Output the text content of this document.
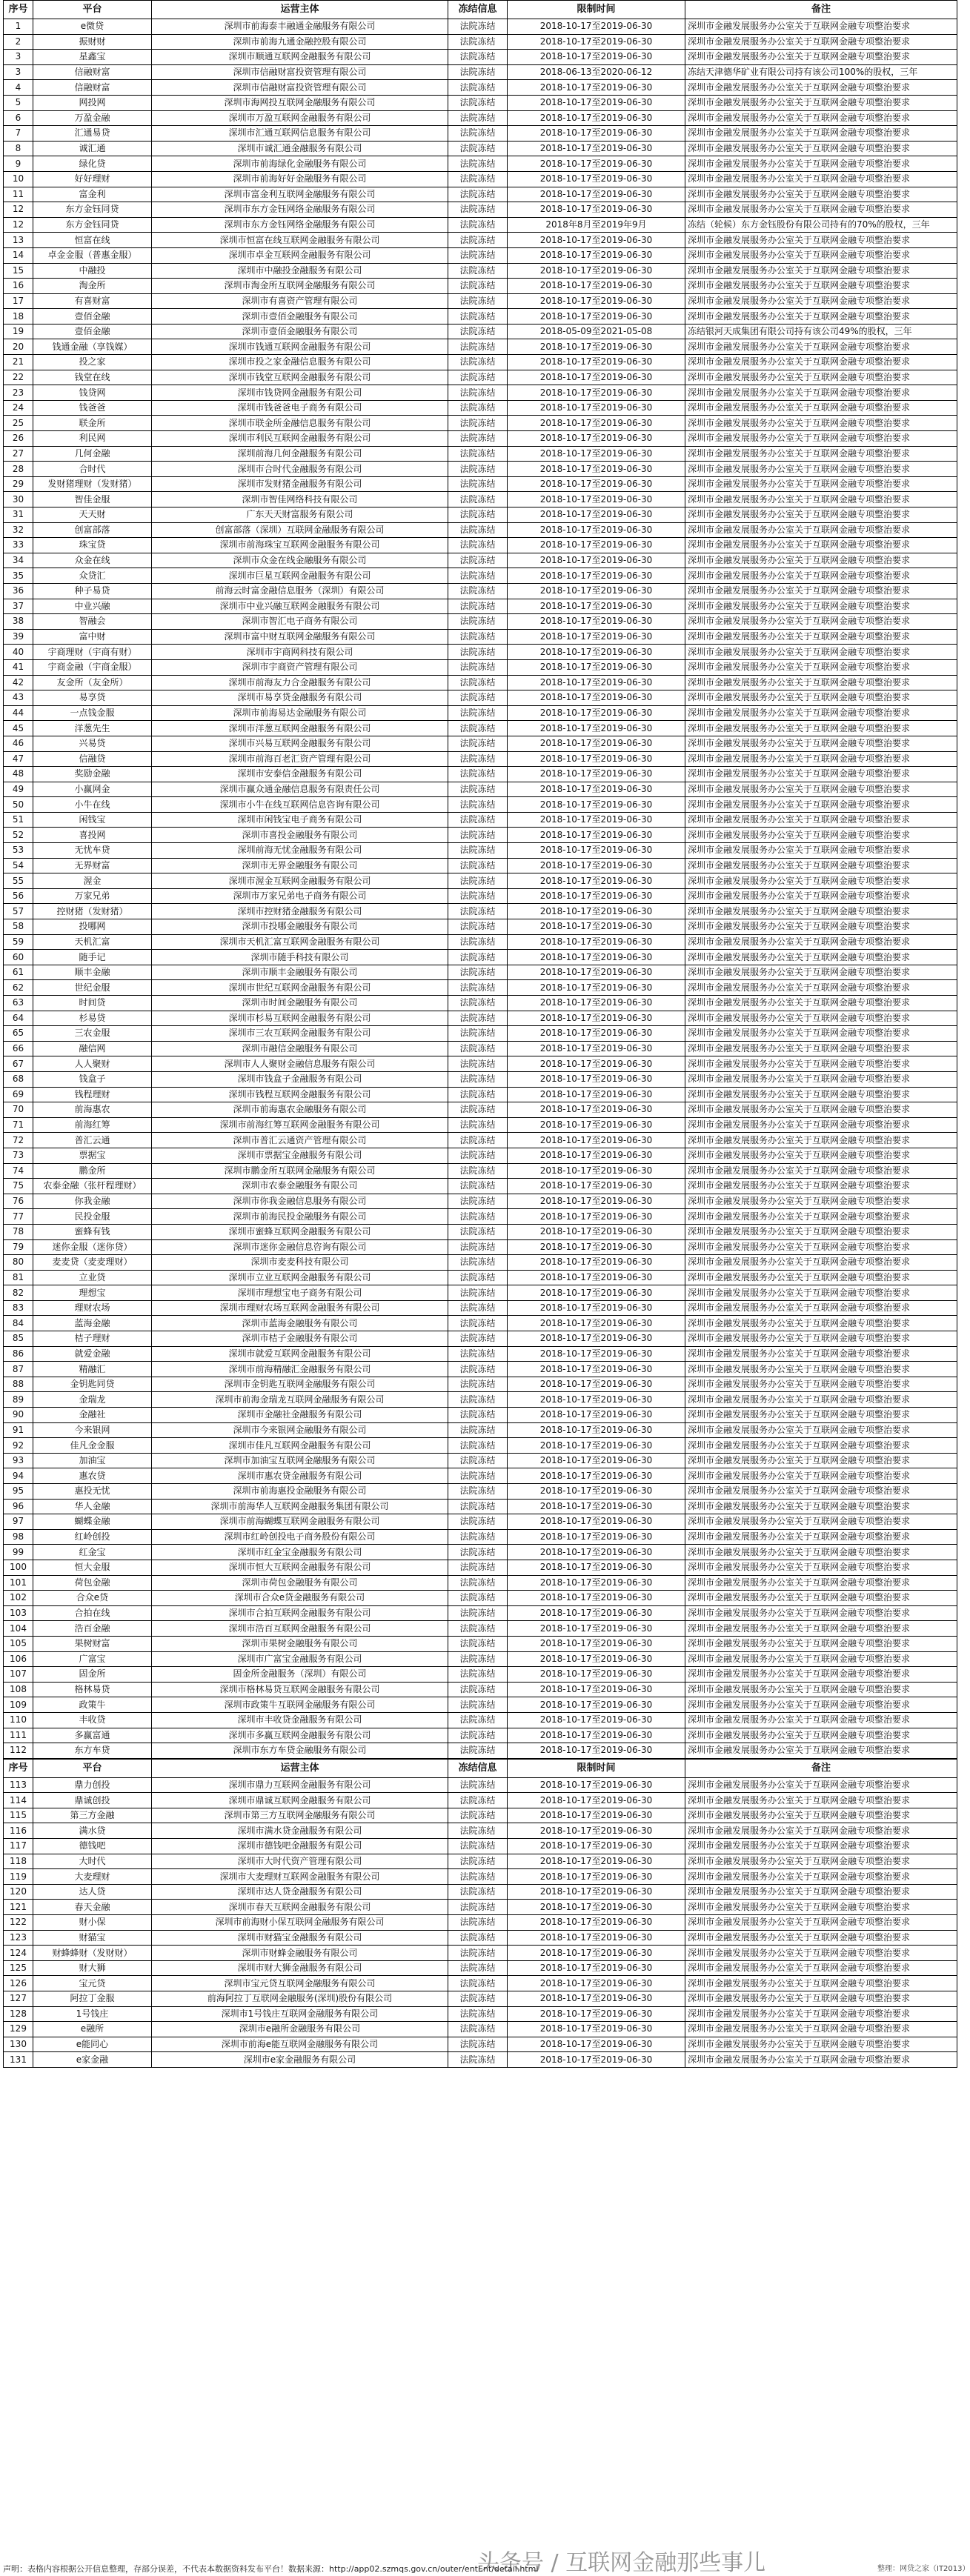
序号	平台	运营主体	冻结信息	限制时间	备注
1	e微贷	深圳市前海泰丰融通金融服务有限公司	法院冻结	2018-10-17至2019-06-30	深圳市金融发展服务办公室关于互联网金融专项整治要求
2	振财财	深圳市前海九通金融控股有限公司	法院冻结	2018-10-17至2019-06-30	深圳市金融发展服务办公室关于互联网金融专项整治要求
3	星鑫宝	深圳市顺通互联网金融服务有限公司	法院冻结	2018-10-17至2019-06-30	深圳市金融发展服务办公室关于互联网金融专项整治要求
3	信融财富	深圳市信融财富投资管理有限公司	法院冻结	2018-06-13至2020-06-12	冻结天津德华矿业有限公司持有该公司100%的股权，三年
4	信融财富	深圳市信融财富投资管理有限公司	法院冻结	2018-10-17至2019-06-30	深圳市金融发展服务办公室关于互联网金融专项整治要求
5	网投网	深圳市海网投互联网金融服务有限公司	法院冻结	2018-10-17至2019-06-30	深圳市金融发展服务办公室关于互联网金融专项整治要求
6	万盈金融	深圳市万盈互联网金融服务有限公司	法院冻结	2018-10-17至2019-06-30	深圳市金融发展服务办公室关于互联网金融专项整治要求
7	汇通易贷	深圳市汇通互联网信息服务有限公司	法院冻结	2018-10-17至2019-06-30	深圳市金融发展服务办公室关于互联网金融专项整治要求
8	诚汇通	深圳市诚汇通金融服务有限公司	法院冻结	2018-10-17至2019-06-30	深圳市金融发展服务办公室关于互联网金融专项整治要求
9	绿化贷	深圳市前海绿化金融服务有限公司	法院冻结	2018-10-17至2019-06-30	深圳市金融发展服务办公室关于互联网金融专项整治要求
10	好好理财	深圳市前海好好金融服务有限公司	法院冻结	2018-10-17至2019-06-30	深圳市金融发展服务办公室关于互联网金融专项整治要求
11	富金利	深圳市富金利互联网金融服务有限公司	法院冻结	2018-10-17至2019-06-30	深圳市金融发展服务办公室关于互联网金融专项整治要求
12	东方金钰同贷	深圳市东方金钰网络金融服务有限公司	法院冻结	2018-10-17至2019-06-30	深圳市金融发展服务办公室关于互联网金融专项整治要求
12	东方金钰同贷	深圳市东方金钰网络金融服务有限公司	法院冻结	2018年8月至2019年9月	冻结（轮候）东方金钰股份有限公司持有的70%的股权，三年
13	恒富在线	深圳市恒富在线互联网金融服务有限公司	法院冻结	2018-10-17至2019-06-30	深圳市金融发展服务办公室关于互联网金融专项整治要求
14	卓金金服（普惠金服）	深圳市卓金互联网金融服务有限公司	法院冻结	2018-10-17至2019-06-30	深圳市金融发展服务办公室关于互联网金融专项整治要求
15	中融投	深圳市中融投金融服务有限公司	法院冻结	2018-10-17至2019-06-30	深圳市金融发展服务办公室关于互联网金融专项整治要求
16	淘金所	深圳市淘金所互联网金融服务有限公司	法院冻结	2018-10-17至2019-06-30	深圳市金融发展服务办公室关于互联网金融专项整治要求
17	有喜财富	深圳市有喜资产管理有限公司	法院冻结	2018-10-17至2019-06-30	深圳市金融发展服务办公室关于互联网金融专项整治要求
18	壹佰金融	深圳市壹佰金融服务有限公司	法院冻结	2018-10-17至2019-06-30	深圳市金融发展服务办公室关于互联网金融专项整治要求
19	壹佰金融	深圳市壹佰金融服务有限公司	法院冻结	2018-05-09至2021-05-08	冻结银河天成集团有限公司持有该公司49%的股权，三年
20	钱通金融（享钱媒）	深圳市钱通互联网金融服务有限公司	法院冻结	2018-10-17至2019-06-30	深圳市金融发展服务办公室关于互联网金融专项整治要求
21	投之家	深圳市投之家金融信息服务有限公司	法院冻结	2018-10-17至2019-06-30	深圳市金融发展服务办公室关于互联网金融专项整治要求
22	钱堂在线	深圳市钱堂互联网金融服务有限公司	法院冻结	2018-10-17至2019-06-30	深圳市金融发展服务办公室关于互联网金融专项整治要求
23	钱贷网	深圳市钱贷网金融服务有限公司	法院冻结	2018-10-17至2019-06-30	深圳市金融发展服务办公室关于互联网金融专项整治要求
24	钱爸爸	深圳市钱爸爸电子商务有限公司	法院冻结	2018-10-17至2019-06-30	深圳市金融发展服务办公室关于互联网金融专项整治要求
25	联金所	深圳市联金所金融信息服务有限公司	法院冻结	2018-10-17至2019-06-30	深圳市金融发展服务办公室关于互联网金融专项整治要求
26	利民网	深圳市利民互联网金融服务有限公司	法院冻结	2018-10-17至2019-06-30	深圳市金融发展服务办公室关于互联网金融专项整治要求
27	几何金融	深圳前海几何金融服务有限公司	法院冻结	2018-10-17至2019-06-30	深圳市金融发展服务办公室关于互联网金融专项整治要求
28	合时代	深圳市合时代金融服务有限公司	法院冻结	2018-10-17至2019-06-30	深圳市金融发展服务办公室关于互联网金融专项整治要求
29	发财猪理财（发财猪）	深圳市发财猪金融服务有限公司	法院冻结	2018-10-17至2019-06-30	深圳市金融发展服务办公室关于互联网金融专项整治要求
30	智佳金服	深圳市智佳网络科技有限公司	法院冻结	2018-10-17至2019-06-30	深圳市金融发展服务办公室关于互联网金融专项整治要求
31	天天财	广东天天财富服务有限公司	法院冻结	2018-10-17至2019-06-30	深圳市金融发展服务办公室关于互联网金融专项整治要求
32	创富部落	创富部落（深圳）互联网金融服务有限公司	法院冻结	2018-10-17至2019-06-30	深圳市金融发展服务办公室关于互联网金融专项整治要求
33	珠宝贷	深圳市前海珠宝互联网金融服务有限公司	法院冻结	2018-10-17至2019-06-30	深圳市金融发展服务办公室关于互联网金融专项整治要求
34	众金在线	深圳市众金在线金融服务有限公司	法院冻结	2018-10-17至2019-06-30	深圳市金融发展服务办公室关于互联网金融专项整治要求
35	众贷汇	深圳市巨星互联网金融服务有限公司	法院冻结	2018-10-17至2019-06-30	深圳市金融发展服务办公室关于互联网金融专项整治要求
36	种子易贷	前海云时富金融信息服务（深圳）有限公司	法院冻结	2018-10-17至2019-06-30	深圳市金融发展服务办公室关于互联网金融专项整治要求
37	中业兴融	深圳市中业兴融互联网金融服务有限公司	法院冻结	2018-10-17至2019-06-30	深圳市金融发展服务办公室关于互联网金融专项整治要求
38	智融会	深圳市智汇电子商务有限公司	法院冻结	2018-10-17至2019-06-30	深圳市金融发展服务办公室关于互联网金融专项整治要求
39	富中财	深圳市富中财互联网金融服务有限公司	法院冻结	2018-10-17至2019-06-30	深圳市金融发展服务办公室关于互联网金融专项整治要求
40	宇商理财（宇商有财）	深圳市宇商网科技有限公司	法院冻结	2018-10-17至2019-06-30	深圳市金融发展服务办公室关于互联网金融专项整治要求
41	宇商金融（宇商金服）	深圳市宇商资产管理有限公司	法院冻结	2018-10-17至2019-06-30	深圳市金融发展服务办公室关于互联网金融专项整治要求
42	友金所（友金所）	深圳市前海友力合金融服务有限公司	法院冻结	2018-10-17至2019-06-30	深圳市金融发展服务办公室关于互联网金融专项整治要求
43	易享贷	深圳市易享贷金融服务有限公司	法院冻结	2018-10-17至2019-06-30	深圳市金融发展服务办公室关于互联网金融专项整治要求
44	一点钱金服	深圳市前海易达金融服务有限公司	法院冻结	2018-10-17至2019-06-30	深圳市金融发展服务办公室关于互联网金融专项整治要求
45	洋葱先生	深圳市洋葱互联网金融服务有限公司	法院冻结	2018-10-17至2019-06-30	深圳市金融发展服务办公室关于互联网金融专项整治要求
46	兴易贷	深圳市兴易互联网金融服务有限公司	法院冻结	2018-10-17至2019-06-30	深圳市金融发展服务办公室关于互联网金融专项整治要求
47	信融贷	深圳市前海百老汇资产管理有限公司	法院冻结	2018-10-17至2019-06-30	深圳市金融发展服务办公室关于互联网金融专项整治要求
48	奖励金融	深圳市安泰信金融服务有限公司	法院冻结	2018-10-17至2019-06-30	深圳市金融发展服务办公室关于互联网金融专项整治要求
49	小赢网金	深圳市赢众通金融信息服务有限责任公司	法院冻结	2018-10-17至2019-06-30	深圳市金融发展服务办公室关于互联网金融专项整治要求
50	小牛在线	深圳市小牛在线互联网信息咨询有限公司	法院冻结	2018-10-17至2019-06-30	深圳市金融发展服务办公室关于互联网金融专项整治要求
51	闲钱宝	深圳市闲钱宝电子商务有限公司	法院冻结	2018-10-17至2019-06-30	深圳市金融发展服务办公室关于互联网金融专项整治要求
52	喜投网	深圳市喜投金融服务有限公司	法院冻结	2018-10-17至2019-06-30	深圳市金融发展服务办公室关于互联网金融专项整治要求
53	无忧车贷	深圳前海无忧金融服务有限公司	法院冻结	2018-10-17至2019-06-30	深圳市金融发展服务办公室关于互联网金融专项整治要求
54	无界财富	深圳市无界金融服务有限公司	法院冻结	2018-10-17至2019-06-30	深圳市金融发展服务办公室关于互联网金融专项整治要求
55	渥金	深圳市渥金互联网金融服务有限公司	法院冻结	2018-10-17至2019-06-30	深圳市金融发展服务办公室关于互联网金融专项整治要求
56	万家兄弟	深圳市万家兄弟电子商务有限公司	法院冻结	2018-10-17至2019-06-30	深圳市金融发展服务办公室关于互联网金融专项整治要求
57	控财猪（发财猪）	深圳市控财猪金融服务有限公司	法院冻结	2018-10-17至2019-06-30	深圳市金融发展服务办公室关于互联网金融专项整治要求
58	投哪网	深圳市投哪金融服务有限公司	法院冻结	2018-10-17至2019-06-30	深圳市金融发展服务办公室关于互联网金融专项整治要求
59	天机汇富	深圳市天机汇富互联网金融服务有限公司	法院冻结	2018-10-17至2019-06-30	深圳市金融发展服务办公室关于互联网金融专项整治要求
60	随手记	深圳市随手科技有限公司	法院冻结	2018-10-17至2019-06-30	深圳市金融发展服务办公室关于互联网金融专项整治要求
61	顺丰金融	深圳市顺丰金融服务有限公司	法院冻结	2018-10-17至2019-06-30	深圳市金融发展服务办公室关于互联网金融专项整治要求
62	世纪金服	深圳市世纪互联网金融服务有限公司	法院冻结	2018-10-17至2019-06-30	深圳市金融发展服务办公室关于互联网金融专项整治要求
63	时间贷	深圳市时间金融服务有限公司	法院冻结	2018-10-17至2019-06-30	深圳市金融发展服务办公室关于互联网金融专项整治要求
64	杉易贷	深圳市杉易互联网金融服务有限公司	法院冻结	2018-10-17至2019-06-30	深圳市金融发展服务办公室关于互联网金融专项整治要求
65	三农金服	深圳市三农互联网金融服务有限公司	法院冻结	2018-10-17至2019-06-30	深圳市金融发展服务办公室关于互联网金融专项整治要求
66	融信网	深圳市融信金融服务有限公司	法院冻结	2018-10-17至2019-06-30	深圳市金融发展服务办公室关于互联网金融专项整治要求
67	人人聚财	深圳市人人聚财金融信息服务有限公司	法院冻结	2018-10-17至2019-06-30	深圳市金融发展服务办公室关于互联网金融专项整治要求
68	钱盒子	深圳市钱盒子金融服务有限公司	法院冻结	2018-10-17至2019-06-30	深圳市金融发展服务办公室关于互联网金融专项整治要求
69	钱程理财	深圳市钱程互联网金融服务有限公司	法院冻结	2018-10-17至2019-06-30	深圳市金融发展服务办公室关于互联网金融专项整治要求
70	前海惠农	深圳市前海惠农金融服务有限公司	法院冻结	2018-10-17至2019-06-30	深圳市金融发展服务办公室关于互联网金融专项整治要求
71	前海红筹	深圳市前海红筹互联网金融服务有限公司	法院冻结	2018-10-17至2019-06-30	深圳市金融发展服务办公室关于互联网金融专项整治要求
72	普汇云通	深圳市普汇云通资产管理有限公司	法院冻结	2018-10-17至2019-06-30	深圳市金融发展服务办公室关于互联网金融专项整治要求
73	票据宝	深圳市票据宝金融服务有限公司	法院冻结	2018-10-17至2019-06-30	深圳市金融发展服务办公室关于互联网金融专项整治要求
74	鹏金所	深圳市鹏金所互联网金融服务有限公司	法院冻结	2018-10-17至2019-06-30	深圳市金融发展服务办公室关于互联网金融专项整治要求
75	农泰金融（张杆程理财）	深圳市农泰金融服务有限公司	法院冻结	2018-10-17至2019-06-30	深圳市金融发展服务办公室关于互联网金融专项整治要求
76	你我金融	深圳市你我金融信息服务有限公司	法院冻结	2018-10-17至2019-06-30	深圳市金融发展服务办公室关于互联网金融专项整治要求
77	民投金服	深圳市前海民投金融服务有限公司	法院冻结	2018-10-17至2019-06-30	深圳市金融发展服务办公室关于互联网金融专项整治要求
78	蜜蜂有钱	深圳市蜜蜂互联网金融服务有限公司	法院冻结	2018-10-17至2019-06-30	深圳市金融发展服务办公室关于互联网金融专项整治要求
79	迷你金服（迷你贷）	深圳市迷你金融信息咨询有限公司	法院冻结	2018-10-17至2019-06-30	深圳市金融发展服务办公室关于互联网金融专项整治要求
80	麦麦贷（麦麦理财）	深圳市麦麦科技有限公司	法院冻结	2018-10-17至2019-06-30	深圳市金融发展服务办公室关于互联网金融专项整治要求
81	立业贷	深圳市立业互联网金融服务有限公司	法院冻结	2018-10-17至2019-06-30	深圳市金融发展服务办公室关于互联网金融专项整治要求
82	理想宝	深圳市理想宝电子商务有限公司	法院冻结	2018-10-17至2019-06-30	深圳市金融发展服务办公室关于互联网金融专项整治要求
83	理财农场	深圳市理财农场互联网金融服务有限公司	法院冻结	2018-10-17至2019-06-30	深圳市金融发展服务办公室关于互联网金融专项整治要求
84	蓝海金融	深圳市蓝海金融服务有限公司	法院冻结	2018-10-17至2019-06-30	深圳市金融发展服务办公室关于互联网金融专项整治要求
85	桔子理财	深圳市桔子金融服务有限公司	法院冻结	2018-10-17至2019-06-30	深圳市金融发展服务办公室关于互联网金融专项整治要求
86	就爱金融	深圳市就爱互联网金融服务有限公司	法院冻结	2018-10-17至2019-06-30	深圳市金融发展服务办公室关于互联网金融专项整治要求
87	精融汇	深圳市前海精融汇金融服务有限公司	法院冻结	2018-10-17至2019-06-30	深圳市金融发展服务办公室关于互联网金融专项整治要求
88	金钥匙同贷	深圳市金钥匙互联网金融服务有限公司	法院冻结	2018-10-17至2019-06-30	深圳市金融发展服务办公室关于互联网金融专项整治要求
89	金瑞龙	深圳市前海金瑞龙互联网金融服务有限公司	法院冻结	2018-10-17至2019-06-30	深圳市金融发展服务办公室关于互联网金融专项整治要求
90	金融社	深圳市金融社金融服务有限公司	法院冻结	2018-10-17至2019-06-30	深圳市金融发展服务办公室关于互联网金融专项整治要求
91	今来银网	深圳市今来银网金融服务有限公司	法院冻结	2018-10-17至2019-06-30	深圳市金融发展服务办公室关于互联网金融专项整治要求
92	佳凡金金服	深圳市佳凡互联网金融服务有限公司	法院冻结	2018-10-17至2019-06-30	深圳市金融发展服务办公室关于互联网金融专项整治要求
93	加油宝	深圳市加油宝互联网金融服务有限公司	法院冻结	2018-10-17至2019-06-30	深圳市金融发展服务办公室关于互联网金融专项整治要求
94	惠农贷	深圳市惠农贷金融服务有限公司	法院冻结	2018-10-17至2019-06-30	深圳市金融发展服务办公室关于互联网金融专项整治要求
95	惠投无忧	深圳市前海惠投金融服务有限公司	法院冻结	2018-10-17至2019-06-30	深圳市金融发展服务办公室关于互联网金融专项整治要求
96	华人金融	深圳市前海华人互联网金融服务集团有限公司	法院冻结	2018-10-17至2019-06-30	深圳市金融发展服务办公室关于互联网金融专项整治要求
97	蝴蝶金融	深圳市前海蝴蝶互联网金融服务有限公司	法院冻结	2018-10-17至2019-06-30	深圳市金融发展服务办公室关于互联网金融专项整治要求
98	红岭创投	深圳市红岭创投电子商务股份有限公司	法院冻结	2018-10-17至2019-06-30	深圳市金融发展服务办公室关于互联网金融专项整治要求
99	红金宝	深圳市红金宝金融服务有限公司	法院冻结	2018-10-17至2019-06-30	深圳市金融发展服务办公室关于互联网金融专项整治要求
100	恒大金服	深圳市恒大互联网金融服务有限公司	法院冻结	2018-10-17至2019-06-30	深圳市金融发展服务办公室关于互联网金融专项整治要求
101	荷包金融	深圳市荷包金融服务有限公司	法院冻结	2018-10-17至2019-06-30	深圳市金融发展服务办公室关于互联网金融专项整治要求
102	合众e贷	深圳市合众e贷金融服务有限公司	法院冻结	2018-10-17至2019-06-30	深圳市金融发展服务办公室关于互联网金融专项整治要求
103	合拍在线	深圳市合拍互联网金融服务有限公司	法院冻结	2018-10-17至2019-06-30	深圳市金融发展服务办公室关于互联网金融专项整治要求
104	浩百金融	深圳市浩百互联网金融服务有限公司	法院冻结	2018-10-17至2019-06-30	深圳市金融发展服务办公室关于互联网金融专项整治要求
105	果树财富	深圳市果树金融服务有限公司	法院冻结	2018-10-17至2019-06-30	深圳市金融发展服务办公室关于互联网金融专项整治要求
106	广富宝	深圳市广富宝金融服务有限公司	法院冻结	2018-10-17至2019-06-30	深圳市金融发展服务办公室关于互联网金融专项整治要求
107	固金所	固金所金融服务（深圳）有限公司	法院冻结	2018-10-17至2019-06-30	深圳市金融发展服务办公室关于互联网金融专项整治要求
108	格林易贷	深圳市格林易贷互联网金融服务有限公司	法院冻结	2018-10-17至2019-06-30	深圳市金融发展服务办公室关于互联网金融专项整治要求
109	政策牛	深圳市政策牛互联网金融服务有限公司	法院冻结	2018-10-17至2019-06-30	深圳市金融发展服务办公室关于互联网金融专项整治要求
110	丰收贷	深圳市丰收贷金融服务有限公司	法院冻结	2018-10-17至2019-06-30	深圳市金融发展服务办公室关于互联网金融专项整治要求
111	多赢富通	深圳市多赢互联网金融服务有限公司	法院冻结	2018-10-17至2019-06-30	深圳市金融发展服务办公室关于互联网金融专项整治要求
112	东方车贷	深圳市东方车贷金融服务有限公司	法院冻结	2018-10-17至2019-06-30	深圳市金融发展服务办公室关于互联网金融专项整治要求
序号	平台	运营主体	冻结信息	限制时间	备注
113	鼎力创投	深圳市鼎力互联网金融服务有限公司	法院冻结	2018-10-17至2019-06-30	深圳市金融发展服务办公室关于互联网金融专项整治要求
114	鼎诚创投	深圳市鼎诚互联网金融服务有限公司	法院冻结	2018-10-17至2019-06-30	深圳市金融发展服务办公室关于互联网金融专项整治要求
115	第三方金融	深圳市第三方互联网金融服务有限公司	法院冻结	2018-10-17至2019-06-30	深圳市金融发展服务办公室关于互联网金融专项整治要求
116	满水贷	深圳市满水贷金融服务有限公司	法院冻结	2018-10-17至2019-06-30	深圳市金融发展服务办公室关于互联网金融专项整治要求
117	德钱吧	深圳市德钱吧金融服务有限公司	法院冻结	2018-10-17至2019-06-30	深圳市金融发展服务办公室关于互联网金融专项整治要求
118	大时代	深圳市大时代资产管理有限公司	法院冻结	2018-10-17至2019-06-30	深圳市金融发展服务办公室关于互联网金融专项整治要求
119	大麦理财	深圳市大麦理财互联网金融服务有限公司	法院冻结	2018-10-17至2019-06-30	深圳市金融发展服务办公室关于互联网金融专项整治要求
120	达人贷	深圳市达人贷金融服务有限公司	法院冻结	2018-10-17至2019-06-30	深圳市金融发展服务办公室关于互联网金融专项整治要求
121	春天金融	深圳市春天互联网金融服务有限公司	法院冻结	2018-10-17至2019-06-30	深圳市金融发展服务办公室关于互联网金融专项整治要求
122	财小保	深圳市前海财小保互联网金融服务有限公司	法院冻结	2018-10-17至2019-06-30	深圳市金融发展服务办公室关于互联网金融专项整治要求
123	财猫宝	深圳市财猫宝金融服务有限公司	法院冻结	2018-10-17至2019-06-30	深圳市金融发展服务办公室关于互联网金融专项整治要求
124	财蜂蜂财（发财财）	深圳市财蜂金融服务有限公司	法院冻结	2018-10-17至2019-06-30	深圳市金融发展服务办公室关于互联网金融专项整治要求
125	财大狮	深圳市财大狮金融服务有限公司	法院冻结	2018-10-17至2019-06-30	深圳市金融发展服务办公室关于互联网金融专项整治要求
126	宝元贷	深圳市宝元贷互联网金融服务有限公司	法院冻结	2018-10-17至2019-06-30	深圳市金融发展服务办公室关于互联网金融专项整治要求
127	阿拉丁金服	前海阿拉丁互联网金融服务(深圳)股份有限公司	法院冻结	2018-10-17至2019-06-30	深圳市金融发展服务办公室关于互联网金融专项整治要求
128	1号钱庄	深圳市1号钱庄互联网金融服务有限公司	法院冻结	2018-10-17至2019-06-30	深圳市金融发展服务办公室关于互联网金融专项整治要求
129	e融所	深圳市e融所金融服务有限公司	法院冻结	2018-10-17至2019-06-30	深圳市金融发展服务办公室关于互联网金融专项整治要求
130	e能同心	深圳市前海e能互联网金融服务有限公司	法院冻结	2018-10-17至2019-06-30	深圳市金融发展服务办公室关于互联网金融专项整治要求
131	e家金融	深圳市e家金融服务有限公司	法院冻结	2018-10-17至2019-06-30	深圳市金融发展服务办公室关于互联网金融专项整治要求
声明：表格内容根据公开信息整理，存部分误差，不代表本数据资料发布平台！数据来源：http://app02.szmqs.gov.cn/outer/entEnt/detail.html
头条号 / 互联网金融那些事儿	整理：网贷之家（IT2013）
